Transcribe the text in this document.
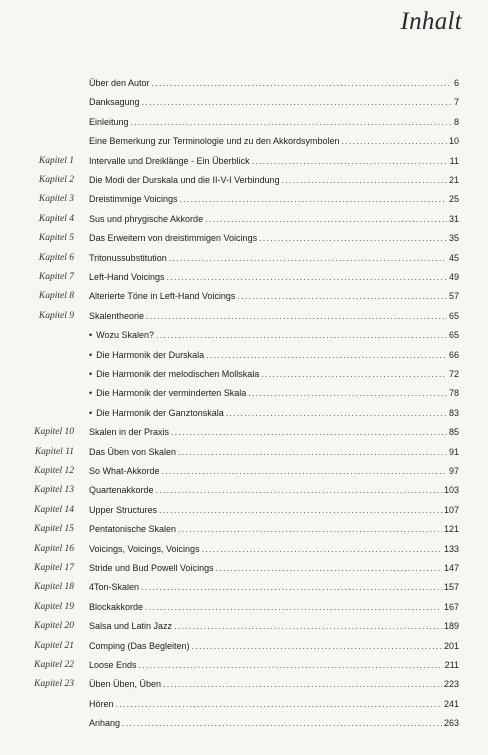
Inhalt
Über den Autor .....	6
Danksagung .....	7
Einleitung .....	8
Eine Bemerkung zur Terminologie und zu den Akkordsymbolen .....	10
Kapitel 1 Intervalle und Dreiklänge - Ein Überblick .....	11
Kapitel 2 Die Modi der Durskala und die II-V-I Verbindung .....	21
Kapitel 3 Dreistimmige Voicings .....	25
Kapitel 4 Sus und phrygische Akkorde .....	31
Kapitel 5 Das Erweitern von dreistimmigen Voicings .....	35
Kapitel 6 Tritonussubstitution .....	45
Kapitel 7 Left-Hand Voicings .....	49
Kapitel 8 Alterierte Töne in Left-Hand Voicings .....	57
Kapitel 9 Skalentheorie .....	65
• Wozu Skalen? .....	65
• Die Harmonik der Durskala .....	66
• Die Harmonik der melodischen Mollskala .....	72
• Die Harmonik der verminderten Skala .....	78
• Die Harmonik der Ganztonskala .....	83
Kapitel 10 Skalen in der Praxis .....	85
Kapitel 11 Das Üben von Skalen .....	91
Kapitel 12 So What-Akkorde .....	97
Kapitel 13 Quartenakkorde .....	103
Kapitel 14 Upper Structures .....	107
Kapitel 15 Pentatonische Skalen .....	121
Kapitel 16 Voicings, Voicings, Voicings .....	133
Kapitel 17 Stride und Bud Powell Voicings .....	147
Kapitel 18 4Ton-Skalen .....	157
Kapitel 19 Blockakkorde .....	167
Kapitel 20 Salsa und Latin Jazz .....	189
Kapitel 21 Comping (Das Begleiten) .....	201
Kapitel 22 Loose Ends .....	211
Kapitel 23 Üben Üben, Üben .....	223
Hören .....	241
Anhang .....	263
